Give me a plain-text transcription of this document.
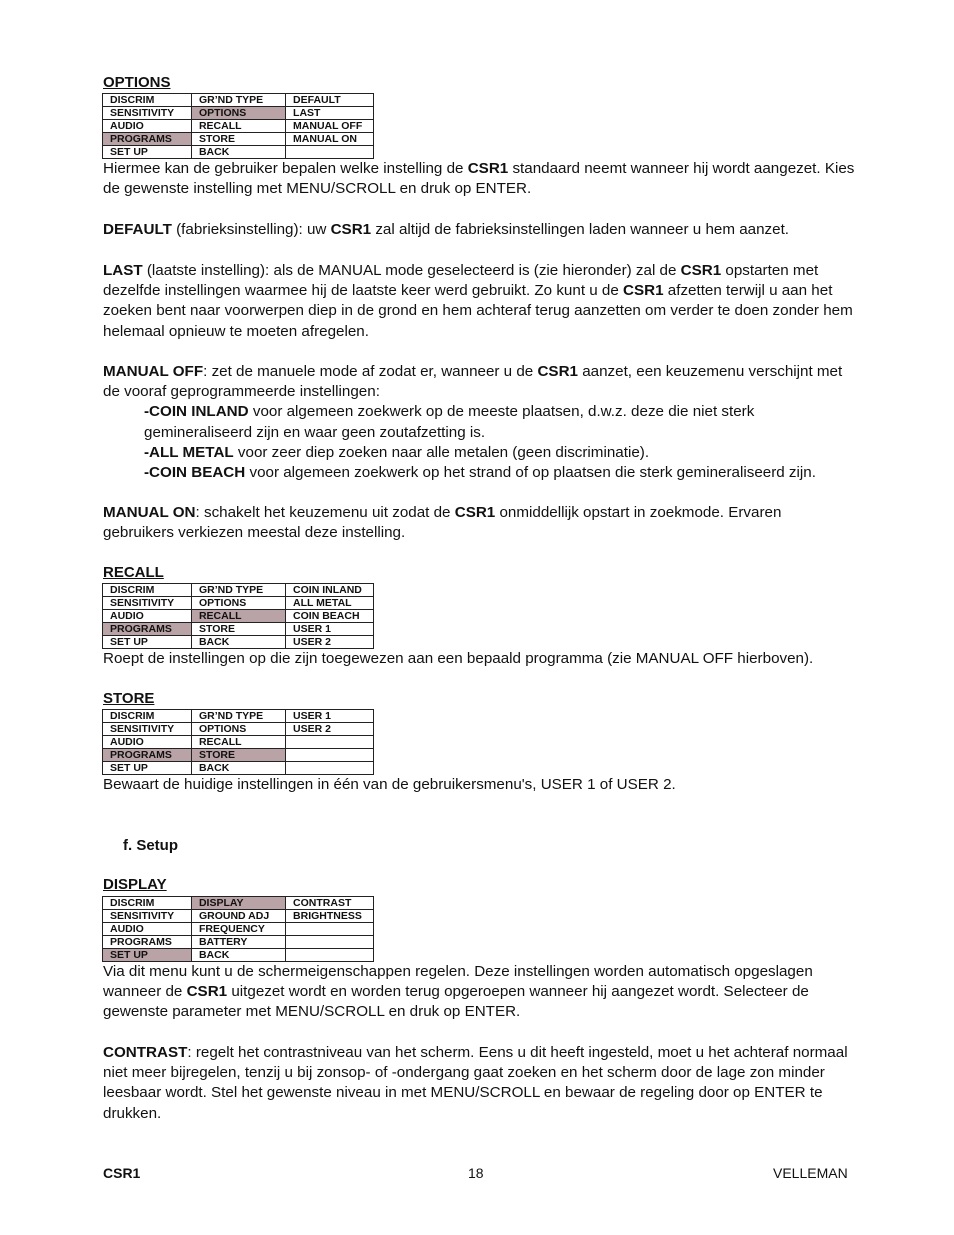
OPTIONS
DISCRIM	GR’ND TYPE	DEFAULT
SENSITIVITY	OPTIONS	LAST
AUDIO	RECALL	MANUAL OFF
PROGRAMS	STORE	MANUAL ON
SET UP	BACK	
Hiermee kan de gebruiker bepalen welke instelling de CSR1 standaard neemt wanneer hij wordt aangezet. Kies de gewenste instelling met MENU/SCROLL en druk op ENTER.
DEFAULT (fabrieksinstelling): uw CSR1 zal altijd de fabrieksinstellingen laden wanneer u hem aanzet.
LAST (laatste instelling): als de MANUAL mode geselecteerd is (zie hieronder) zal de CSR1 opstarten met dezelfde instellingen waarmee hij de laatste keer werd gebruikt. Zo kunt u de CSR1 afzetten terwijl u aan het zoeken bent naar voorwerpen diep in de grond en hem achteraf terug aanzetten om verder te doen zonder hem helemaal opnieuw te moeten afregelen.
MANUAL OFF: zet de manuele mode af zodat er, wanneer u de CSR1 aanzet, een keuzemenu verschijnt met de vooraf geprogrammeerde instellingen:
-COIN INLAND voor algemeen zoekwerk op de meeste plaatsen, d.w.z. deze die niet sterk gemineraliseerd zijn en waar geen zoutafzetting is.
-ALL METAL voor zeer diep zoeken naar alle metalen (geen discriminatie).
-COIN BEACH voor algemeen zoekwerk op het strand of op plaatsen die sterk gemineraliseerd zijn.
MANUAL ON: schakelt het keuzemenu uit zodat de CSR1 onmiddellijk opstart in zoekmode. Ervaren gebruikers verkiezen meestal deze instelling.
RECALL
DISCRIM	GR’ND TYPE	COIN INLAND
SENSITIVITY	OPTIONS	ALL METAL
AUDIO	RECALL	COIN BEACH
PROGRAMS	STORE	USER 1
SET UP	BACK	USER 2
Roept de instellingen op die zijn toegewezen aan een bepaald programma (zie MANUAL OFF hierboven).
STORE
DISCRIM	GR’ND TYPE	USER 1
SENSITIVITY	OPTIONS	USER 2
AUDIO	RECALL	
PROGRAMS	STORE	
SET UP	BACK	
Bewaart de huidige instellingen in één van de gebruikersmenu's, USER 1 of USER 2.
f. Setup
DISPLAY
DISCRIM	DISPLAY	CONTRAST
SENSITIVITY	GROUND ADJ	BRIGHTNESS
AUDIO	FREQUENCY	
PROGRAMS	BATTERY	
SET UP	BACK	
Via dit menu kunt u de schermeigenschappen regelen. Deze instellingen worden automatisch opgeslagen wanneer de CSR1 uitgezet wordt en worden terug opgeroepen wanneer hij aangezet wordt. Selecteer de gewenste parameter met MENU/SCROLL en druk op ENTER.
CONTRAST: regelt het contrastniveau van het scherm. Eens u dit heeft ingesteld, moet u het achteraf normaal niet meer bijregelen, tenzij u bij zonsop- of -ondergang gaat zoeken en het scherm door de lage zon minder leesbaar wordt. Stel het gewenste niveau in met MENU/SCROLL en bewaar de regeling door op ENTER te drukken.
CSR1	18	VELLEMAN
